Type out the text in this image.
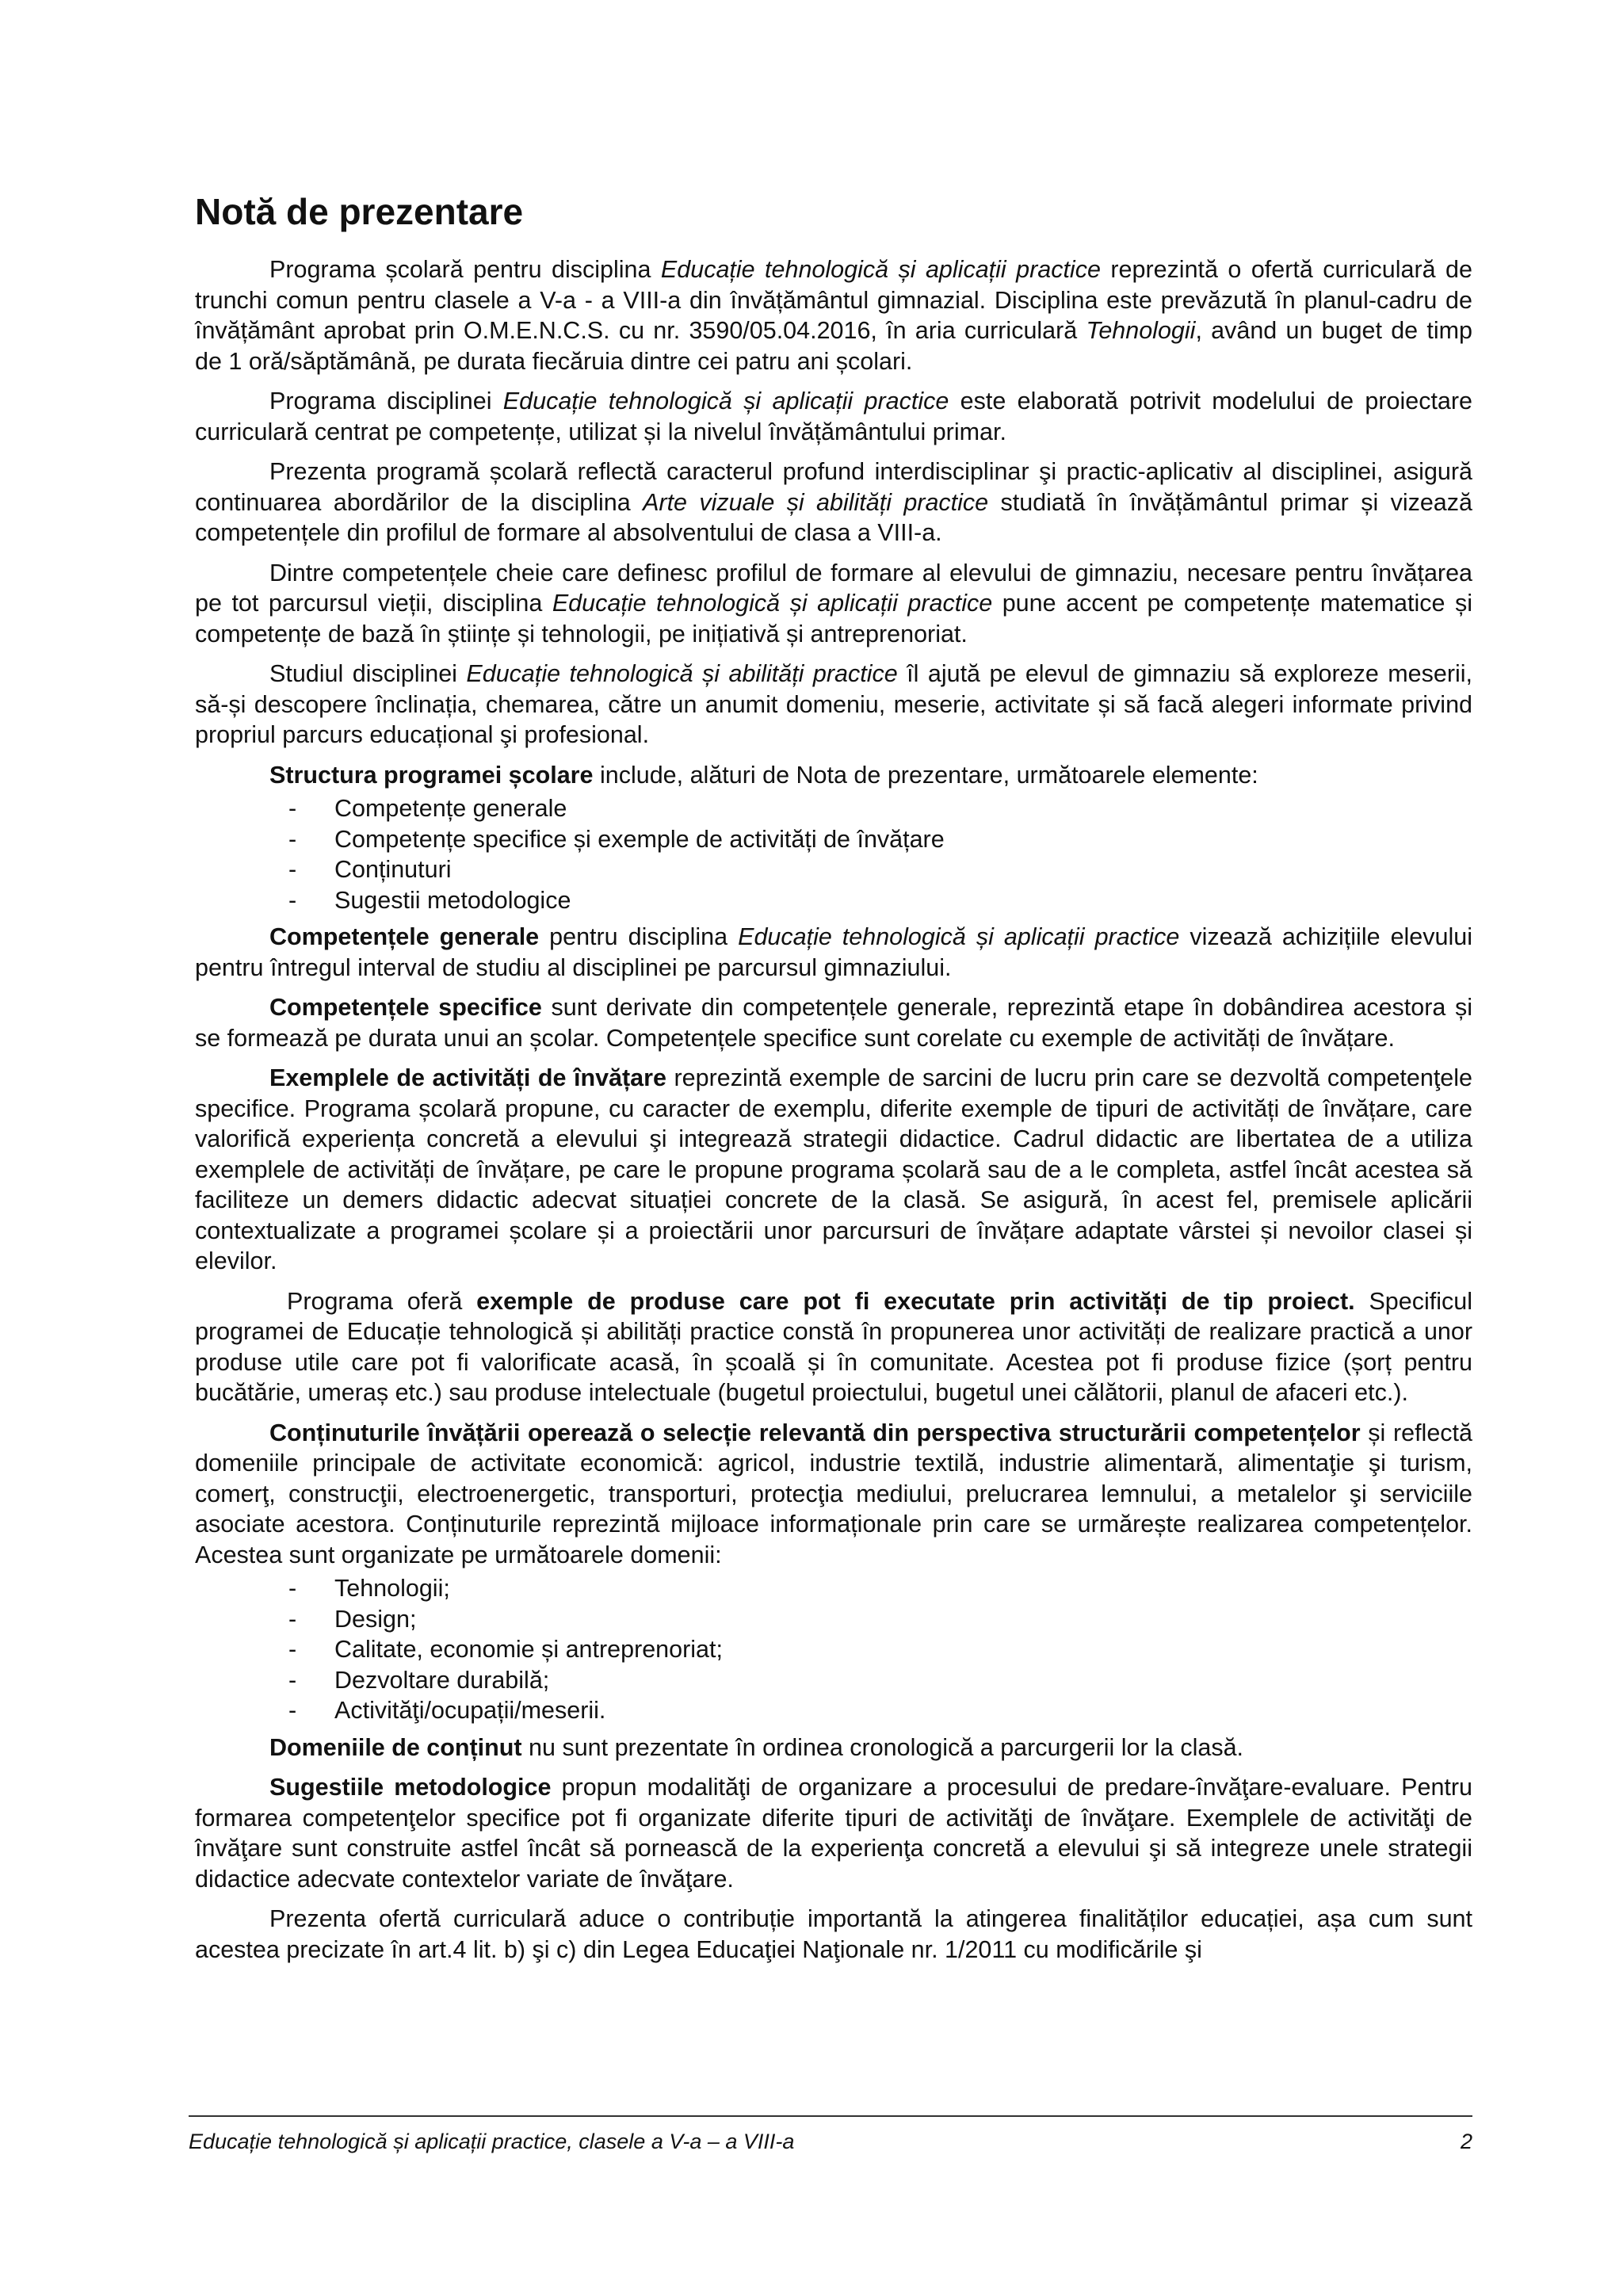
Notă de prezentare

Programa școlară pentru disciplina Educație tehnologică și aplicații practice reprezintă o ofertă curriculară de trunchi comun pentru clasele a V-a - a VIII-a din învățământul gimnazial. Disciplina este prevăzută în planul-cadru de învățământ aprobat prin O.M.E.N.C.S. cu nr. 3590/05.04.2016, în aria curriculară Tehnologii, având un buget de timp de 1 oră/săptămână, pe durata fiecăruia dintre cei patru ani școlari.

Programa disciplinei Educație tehnologică și aplicații practice este elaborată potrivit modelului de proiectare curriculară centrat pe competențe, utilizat și la nivelul învățământului primar.

Prezenta programă școlară reflectă caracterul profund interdisciplinar şi practic-aplicativ al disciplinei, asigură continuarea abordărilor de la disciplina Arte vizuale și abilități practice studiată în învățământul primar și vizează competențele din profilul de formare al absolventului de clasa a VIII-a.

Dintre competențele cheie care definesc profilul de formare al elevului de gimnaziu, necesare pentru învățarea pe tot parcursul vieții, disciplina Educație tehnologică și aplicații practice pune accent pe competențe matematice și competențe de bază în științe și tehnologii, pe inițiativă și antreprenoriat.

Studiul disciplinei Educație tehnologică și abilități practice îl ajută pe elevul de gimnaziu să exploreze meserii, să-și descopere înclinația, chemarea, către un anumit domeniu, meserie, activitate și să facă alegeri informate privind propriul parcurs educațional şi profesional.

Structura programei școlare include, alături de Nota de prezentare, următoarele elemente:

- Competențe generale
- Competențe specifice și exemple de activități de învățare
- Conținuturi
- Sugestii metodologice

Competențele generale pentru disciplina Educație tehnologică și aplicații practice vizează achizițiile elevului pentru întregul interval de studiu al disciplinei pe parcursul gimnaziului.

Competențele specifice sunt derivate din competențele generale, reprezintă etape în dobândirea acestora și se formează pe durata unui an școlar. Competențele specifice sunt corelate cu exemple de activități de învățare.

Exemplele de activități de învățare reprezintă exemple de sarcini de lucru prin care se dezvoltă competenţele specifice. Programa școlară propune, cu caracter de exemplu, diferite exemple de tipuri de activități de învățare, care valorifică experiența concretă a elevului şi integrează strategii didactice. Cadrul didactic are libertatea de a utiliza exemplele de activități de învățare, pe care le propune programa școlară sau de a le completa, astfel încât acestea să faciliteze un demers didactic adecvat situației concrete de la clasă. Se asigură, în acest fel, premisele aplicării contextualizate a programei școlare și a proiectării unor parcursuri de învățare adaptate vârstei și nevoilor clasei și elevilor.

Programa oferă exemple de produse care pot fi executate prin activități de tip proiect. Specificul programei de Educație tehnologică și abilități practice constă în propunerea unor activități de realizare practică a unor produse utile care pot fi valorificate acasă, în școală și în comunitate. Acestea pot fi produse fizice (șorț pentru bucătărie, umeraș etc.) sau produse intelectuale (bugetul proiectului, bugetul unei călătorii, planul de afaceri etc.).

Conținuturile învățării operează o selecție relevantă din perspectiva structurării competențelor și reflectă domeniile principale de activitate economică: agricol, industrie textilă, industrie alimentară, alimentaţie şi turism, comerţ, construcţii, electroenergetic, transporturi, protecţia mediului, prelucrarea lemnului, a metalelor şi serviciile asociate acestora. Conținuturile reprezintă mijloace informaționale prin care se urmărește realizarea competențelor. Acestea sunt organizate pe următoarele domenii:

- Tehnologii;
- Design;
- Calitate, economie și antreprenoriat;
- Dezvoltare durabilă;
- Activităţi/ocupații/meserii.

Domeniile de conținut nu sunt prezentate în ordinea cronologică a parcurgerii lor la clasă.

Sugestiile metodologice propun modalităţi de organizare a procesului de predare-învăţare-evaluare. Pentru formarea competenţelor specifice pot fi organizate diferite tipuri de activităţi de învăţare. Exemplele de activităţi de învăţare sunt construite astfel încât să pornească de la experienţa concretă a elevului şi să integreze unele strategii didactice adecvate contextelor variate de învăţare.

Prezenta ofertă curriculară aduce o contribuție importantă la atingerea finalităților educației, așa cum sunt acestea precizate în art.4 lit. b) şi c) din Legea Educaţiei Naţionale nr. 1/2011 cu modificările şi

Educație tehnologică și aplicații practice, clasele a V-a – a VIII-a	2
